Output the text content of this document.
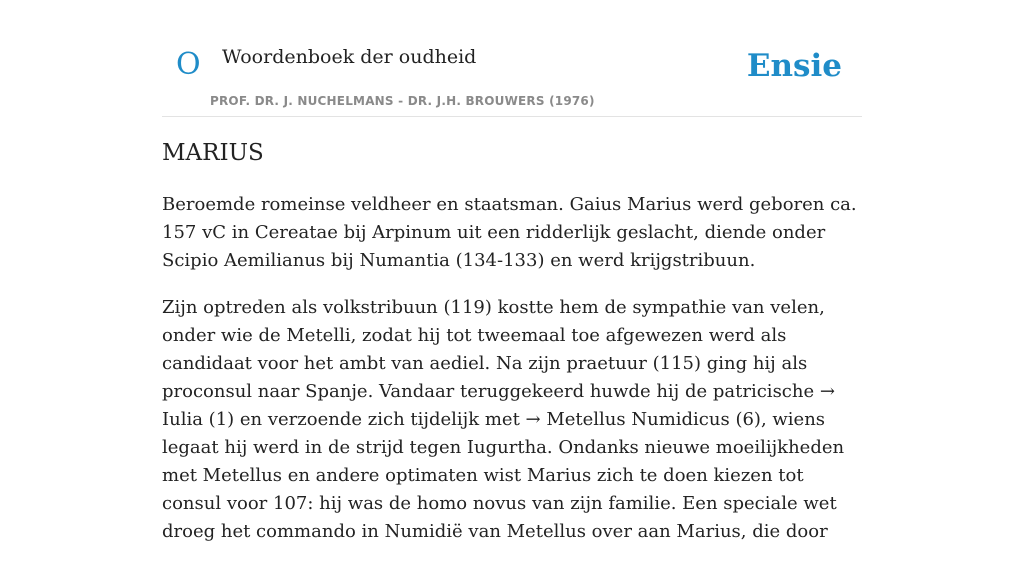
O Woordenboek der oudheid
PROF. DR. J. NUCHELMANS - DR. J.H. BROUWERS (1976)
Ensie
MARIUS

Beroemde romeinse veldheer en staatsman. Gaius Marius werd geboren ca. 157 vC in Cereatae bij Arpinum uit een ridderlijk geslacht, diende onder Scipio Aemilianus bij Numantia (134-133) en werd krijgstribuun.

Zijn optreden als volkstribuun (119) kostte hem de sympathie van velen, onder wie de Metelli, zodat hij tot tweemaal toe afgewezen werd als candidaat voor het ambt van aediel. Na zijn praetuur (115) ging hij als proconsul naar Spanje. Vandaar teruggekeerd huwde hij de patricische → Iulia (1) en verzoende zich tijdelijk met → Metellus Numidicus (6), wiens legaat hij werd in de strijd tegen Iugurtha. Ondanks nieuwe moeilijkheden met Metellus en andere optimaten wist Marius zich te doen kiezen tot consul voor 107: hij was de homo novus van zijn familie. Een speciale wet droeg het commando in Numidië van Metellus over aan Marius, die door
